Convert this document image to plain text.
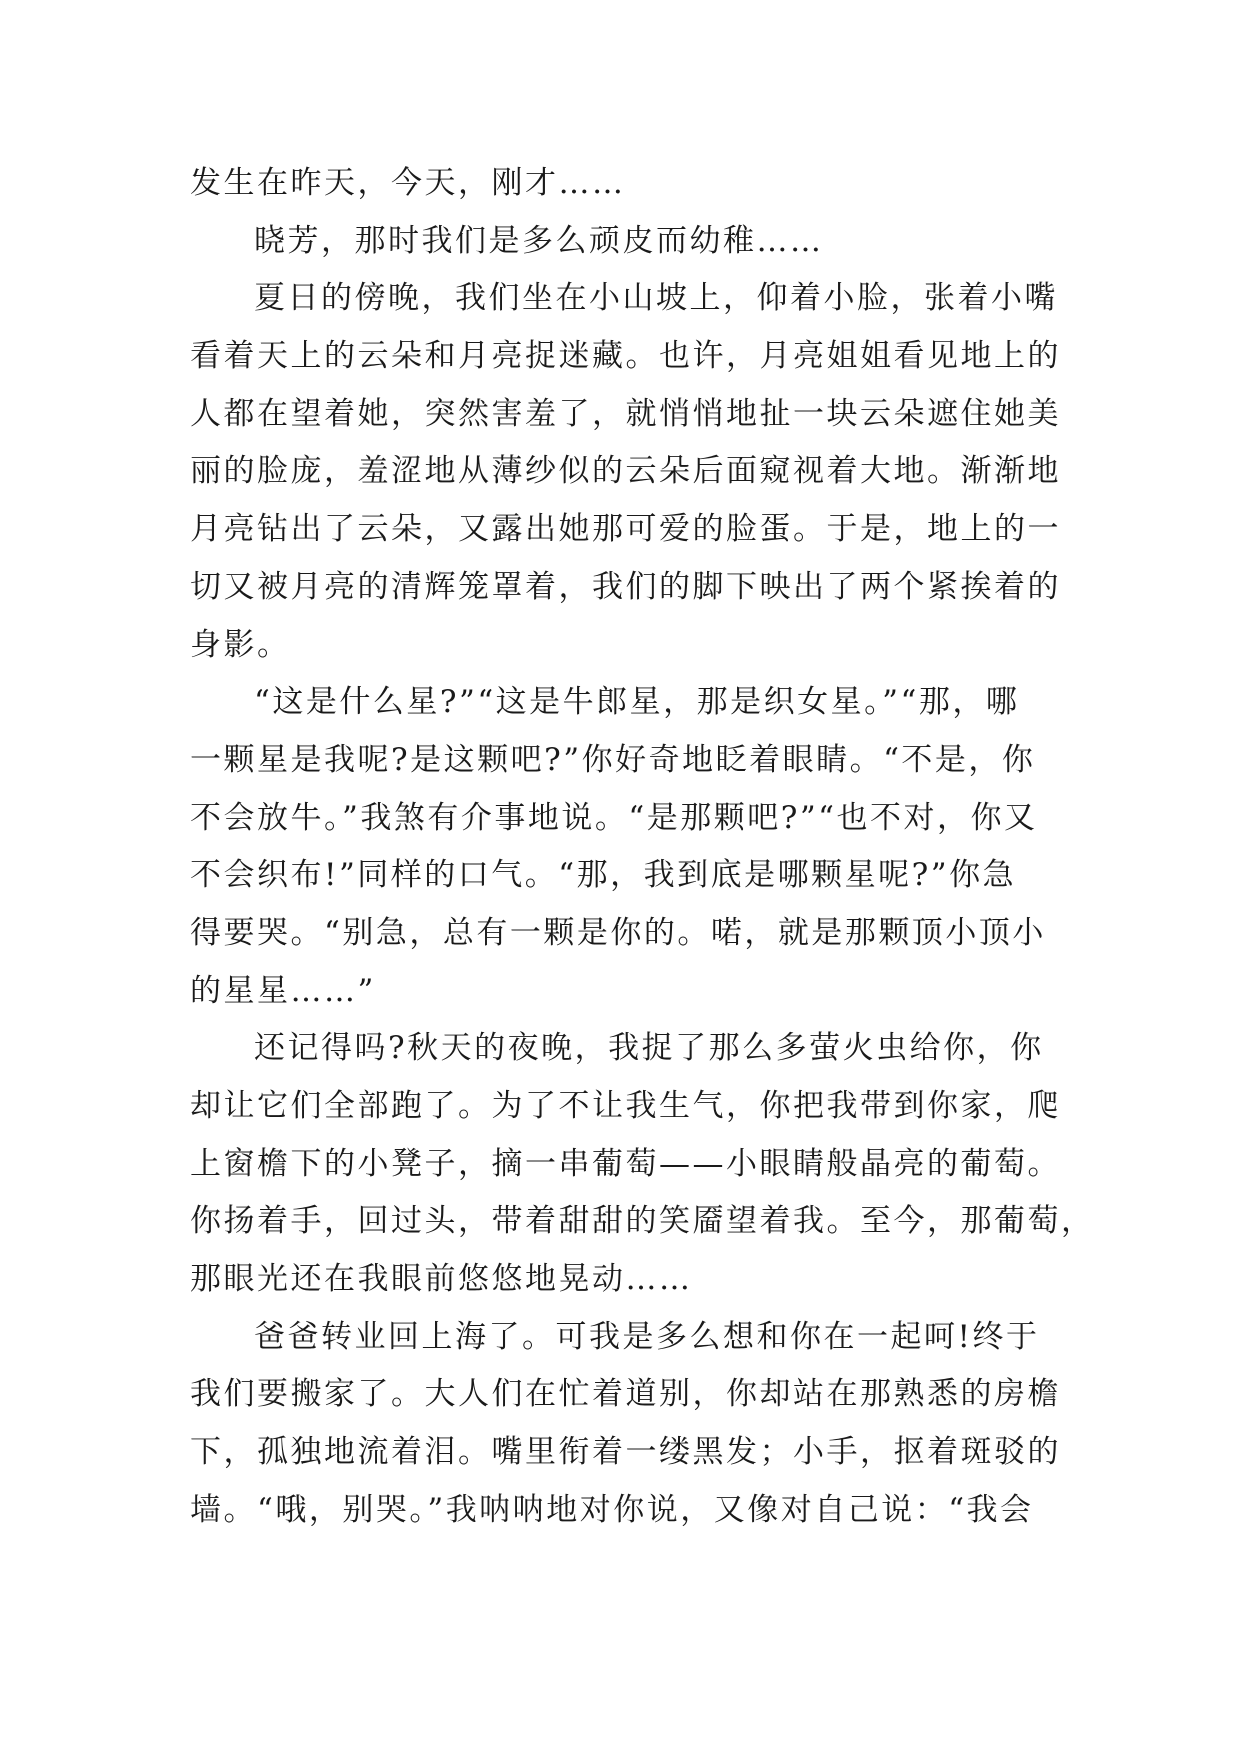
发生在昨天，今天，刚才……
晓芳，那时我们是多么顽皮而幼稚……
夏日的傍晚，我们坐在小山坡上，仰着小脸，张着小嘴
看着天上的云朵和月亮捉迷藏。也许，月亮姐姐看见地上的
人都在望着她，突然害羞了，就悄悄地扯一块云朵遮住她美
丽的脸庞，羞涩地从薄纱似的云朵后面窥视着大地。渐渐地
月亮钻出了云朵，又露出她那可爱的脸蛋。于是，地上的一
切又被月亮的清辉笼罩着，我们的脚下映出了两个紧挨着的
身影。
“这是什么星?”“这是牛郎星，那是织女星。”“那，哪
一颗星是我呢?是这颗吧?”你好奇地眨着眼睛。“不是，你
不会放牛。”我煞有介事地说。“是那颗吧?”“也不对，你又
不会织布!”同样的口气。“那，我到底是哪颗星呢?”你急
得要哭。“别急，总有一颗是你的。喏，就是那颗顶小顶小
的星星……”
还记得吗?秋天的夜晚，我捉了那么多萤火虫给你，你
却让它们全部跑了。为了不让我生气，你把我带到你家，爬
上窗檐下的小凳子，摘一串葡萄——小眼睛般晶亮的葡萄。
你扬着手，回过头，带着甜甜的笑靥望着我。至今，那葡萄，
那眼光还在我眼前悠悠地晃动……
爸爸转业回上海了。可我是多么想和你在一起呵!终于
我们要搬家了。大人们在忙着道别，你却站在那熟悉的房檐
下，孤独地流着泪。嘴里衔着一缕黑发；小手，抠着斑驳的
墙。“哦，别哭。”我呐呐地对你说，又像对自己说：“我会
